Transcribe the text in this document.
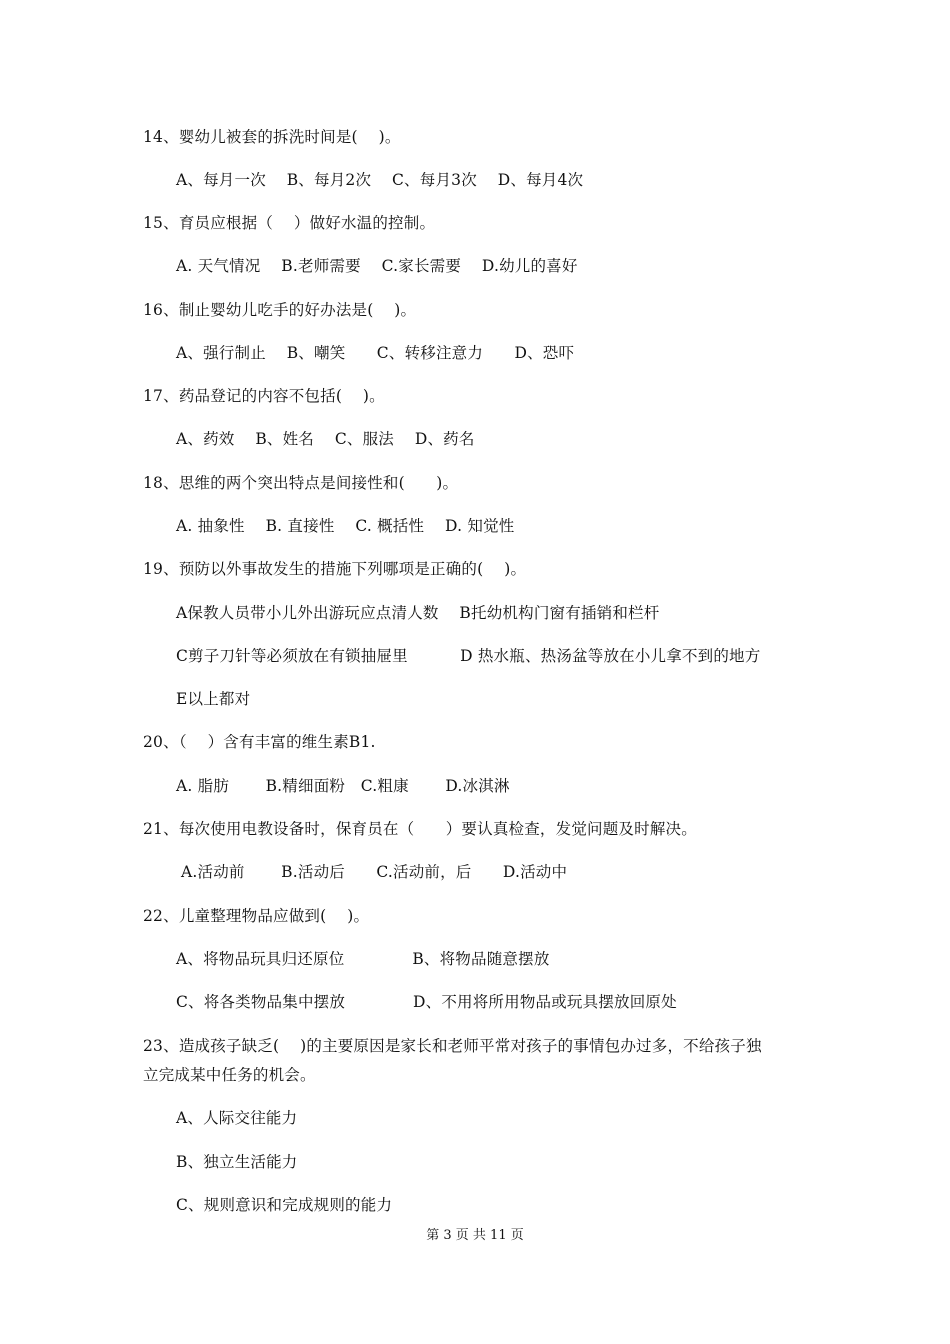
14、婴幼儿被套的拆洗时间是(　 )。
A、每月一次　 B、每月2次　 C、每月3次　 D、每月4次
15、育员应根据（　 ）做好水温的控制。
A. 天气情况　 B.老师需要　 C.家长需要　 D.幼儿的喜好
16、制止婴幼儿吃手的好办法是(　 )。
A、强行制止　 B、嘲笑　　C、转移注意力　　D、恐吓
17、药品登记的内容不包括(　 )。
A、药效　 B、姓名　 C、服法　 D、药名
18、思维的两个突出特点是间接性和(　　)。
A. 抽象性　 B. 直接性　 C. 概括性　 D. 知觉性
19、预防以外事故发生的措施下列哪项是正确的(　 )。
A保教人员带小儿外出游玩应点清人数　 B托幼机构门窗有插销和栏杆
C剪子刀针等必须放在有锁抽屉里　　　 D 热水瓶、热汤盆等放在小儿拿不到的地方
E以上都对
20、（　 ）含有丰富的维生素B1.
A. 脂肪　　 B.精细面粉　C.粗康　　 D.冰淇淋
21、每次使用电教设备时，保育员在（　　）要认真检查，发觉问题及时解决。
A.活动前　　 B.活动后　　C.活动前，后　　D.活动中
22、儿童整理物品应做到(　 )。
A、将物品玩具归还原位　　　　 B、将物品随意摆放
C、将各类物品集中摆放　　　　 D、不用将所用物品或玩具摆放回原处
23、造成孩子缺乏(　 )的主要原因是家长和老师平常对孩子的事情包办过多，不给孩子独
立完成某中任务的机会。
A、人际交往能力
B、独立生活能力
C、规则意识和完成规则的能力
第 3 页 共 11 页
